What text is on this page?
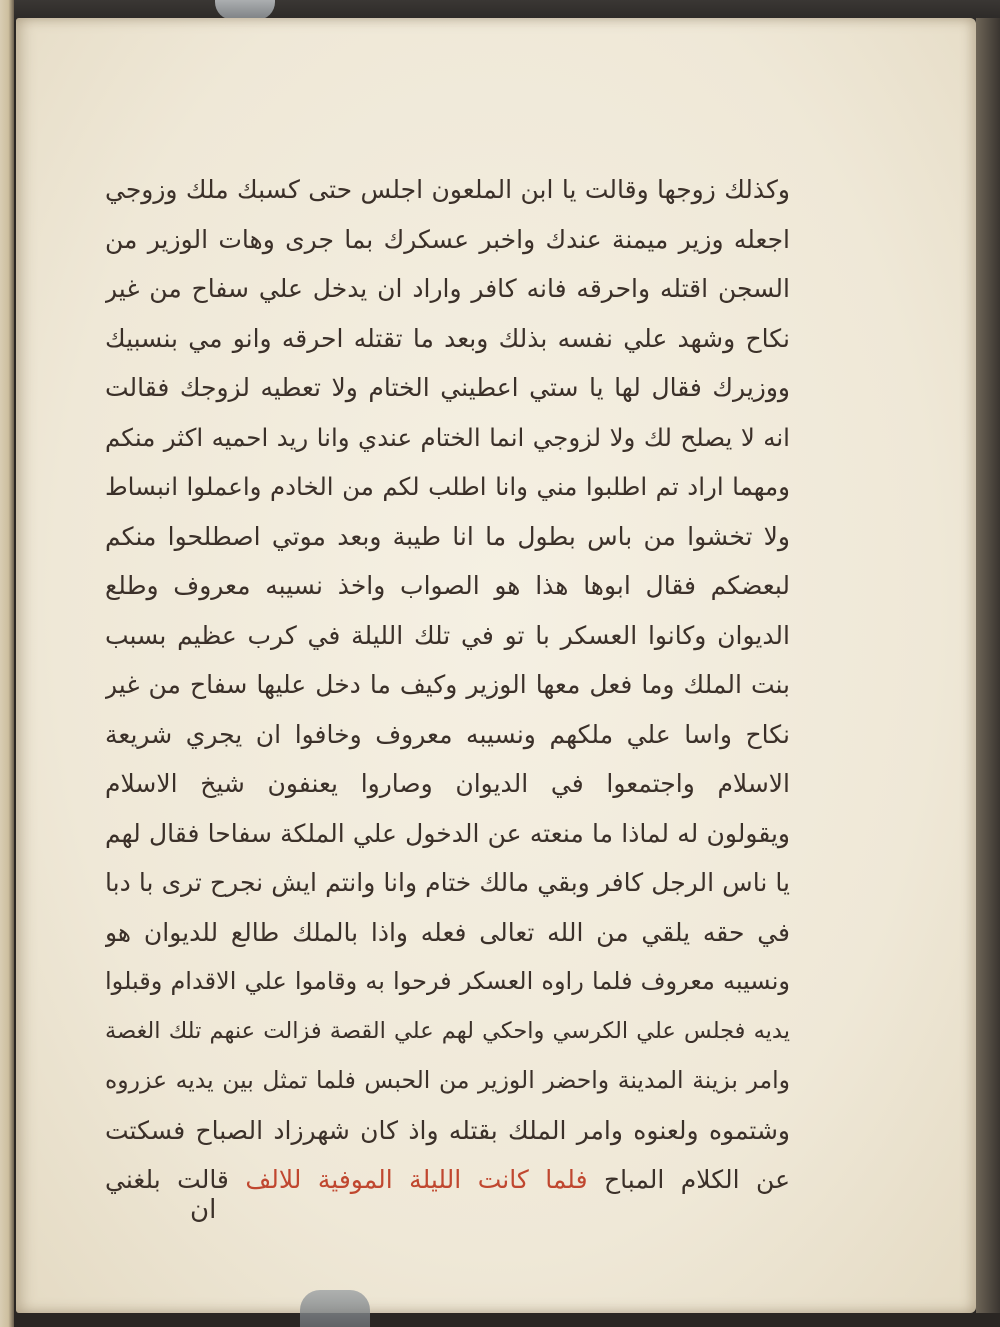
وكذلك زوجها وقالت يا ابن الملعون اجلس حتى كسبك ملك وزوجي
اجعله وزير ميمنة عندك واخبر عسكرك بما جرى وهات الوزير من
السجن اقتله واحرقه فانه كافر واراد ان يدخل علي سفاح من غير
نكاح وشهد علي نفسه بذلك وبعد ما تقتله احرقه وانو مي بنسبيك
ووزيرك فقال لها يا ستي اعطيني الختام ولا تعطيه لزوجك فقالت
انه لا يصلح لك ولا لزوجي انما الختام عندي وانا ريد احميه اكثر منكم
ومهما اراد تم اطلبوا مني وانا اطلب لكم من الخادم واعملوا انبساط
ولا تخشوا من باس بطول ما انا طيبة وبعد موتي اصطلحوا منكم
لبعضكم فقال ابوها هذا هو الصواب واخذ نسيبه معروف وطلع
الديوان وكانوا العسكر با تو في تلك الليلة في كرب عظيم بسبب
بنت الملك وما فعل معها الوزير وكيف ما دخل عليها سفاح من غير
نكاح واسا علي ملكهم ونسيبه معروف وخافوا ان يجري شريعة
الاسلام واجتمعوا في الديوان وصاروا يعنفون شيخ الاسلام
ويقولون له لماذا ما منعته عن الدخول علي الملكة سفاحا فقال لهم
يا ناس الرجل كافر وبقي مالك ختام وانا وانتم ايش نجرح ترى با دبا
في حقه يلقي من الله تعالى فعله واذا بالملك طالع للديوان هو
ونسيبه معروف فلما راوه العسكر فرحوا به وقاموا علي الاقدام وقبلوا
يديه فجلس علي الكرسي واحكي لهم علي القصة فزالت عنهم تلك الغصة
وامر بزينة المدينة واحضر الوزير من الحبس فلما تمثل بين يديه عزروه
وشتموه ولعنوه وامر الملك بقتله واذ كان شهرزاد الصباح فسكتت
عن الكلام المباح فلما كانت الليلة الموفية للالف قالت بلغني
ان
